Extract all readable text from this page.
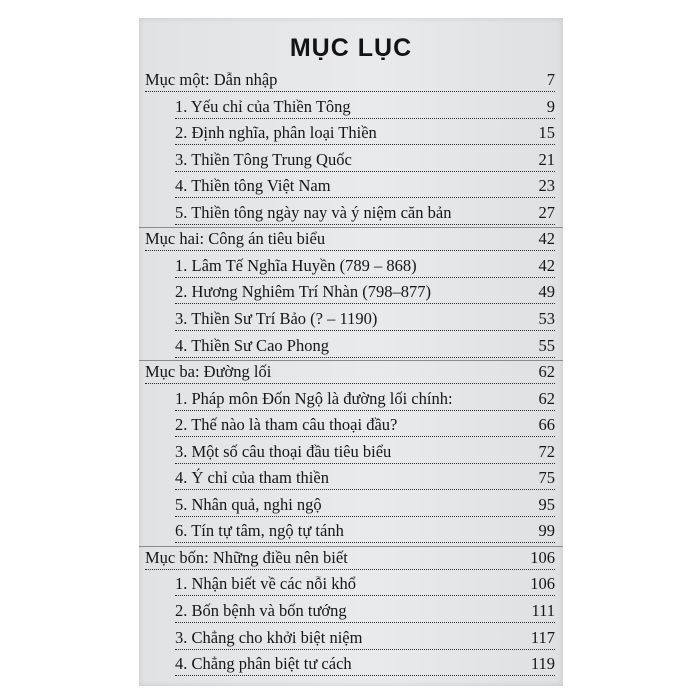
MỤC LỤC
Mục một: Dẫn nhập	7
1. Yếu chỉ của Thiền Tông	9
2. Định nghĩa, phân loại Thiền	15
3. Thiền Tông Trung Quốc	21
4. Thiền tông Việt Nam	23
5. Thiền tông ngày nay và ý niệm căn bản	27
Mục hai: Công án tiêu biểu	42
1. Lâm Tế Nghĩa Huyền (789 – 868)	42
2. Hương Nghiêm Trí Nhàn (798–877)	49
3. Thiền Sư Trí Bảo (? – 1190)	53
4. Thiền Sư Cao Phong	55
Mục ba: Đường lối	62
1. Pháp môn Đốn Ngộ là đường lối chính:	62
2. Thế nào là tham câu thoại đầu?	66
3. Một số câu thoại đầu tiêu biểu	72
4. Ý chỉ của tham thiền	75
5. Nhân quả, nghi ngộ	95
6. Tín tự tâm, ngộ tự tánh	99
Mục bốn: Những điều nên biết	106
1. Nhận biết về các nỗi khổ	106
2. Bốn bệnh và bốn tướng	111
3. Chẳng cho khởi biệt niệm	117
4. Chẳng phân biệt tư cách	119
